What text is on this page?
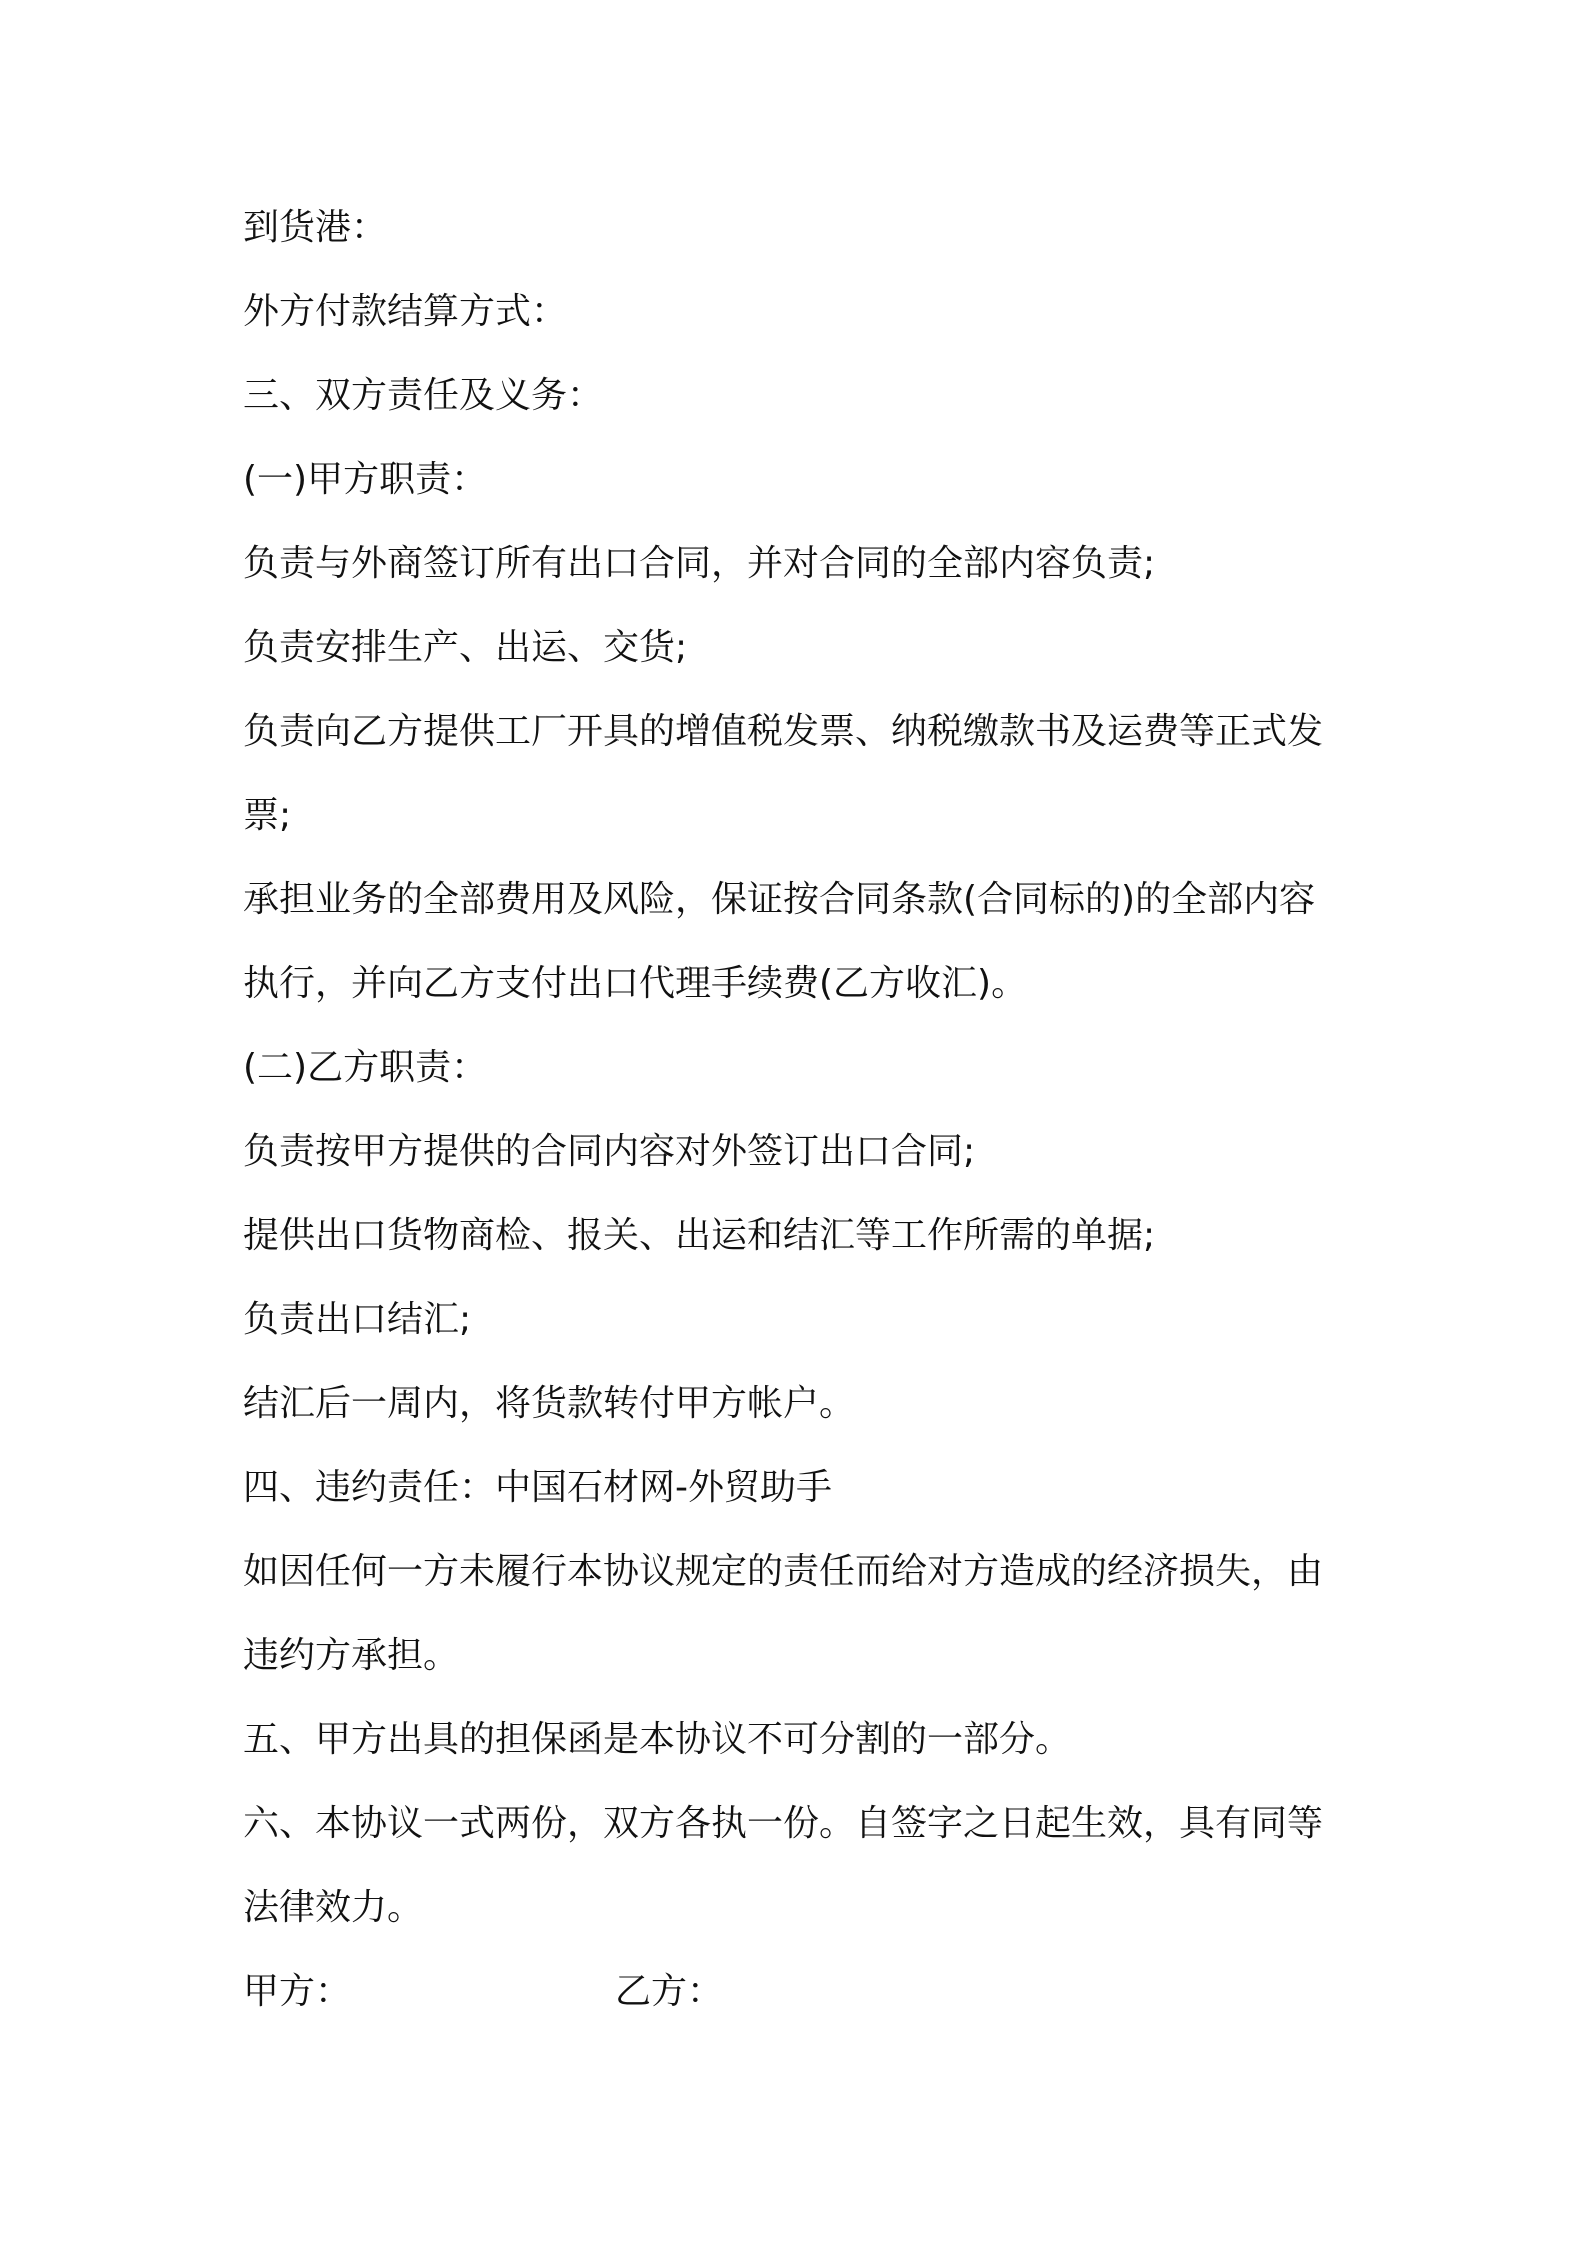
到货港：
外方付款结算方式：
三、双方责任及义务：
(一)甲方职责：
负责与外商签订所有出口合同，并对合同的全部内容负责;
负责安排生产、出运、交货;
负责向乙方提供工厂开具的增值税发票、纳税缴款书及运费等正式发
票;
承担业务的全部费用及风险，保证按合同条款(合同标的)的全部内容
执行，并向乙方支付出口代理手续费(乙方收汇)。
(二)乙方职责：
负责按甲方提供的合同内容对外签订出口合同;
提供出口货物商检、报关、出运和结汇等工作所需的单据;
负责出口结汇;
结汇后一周内，将货款转付甲方帐户。
四、违约责任：中国石材网-外贸助手
如因任何一方未履行本协议规定的责任而给对方造成的经济损失，由
违约方承担。
五、甲方出具的担保函是本协议不可分割的一部分。
六、本协议一式两份，双方各执一份。自签字之日起生效，具有同等
法律效力。
甲方：	乙方：
